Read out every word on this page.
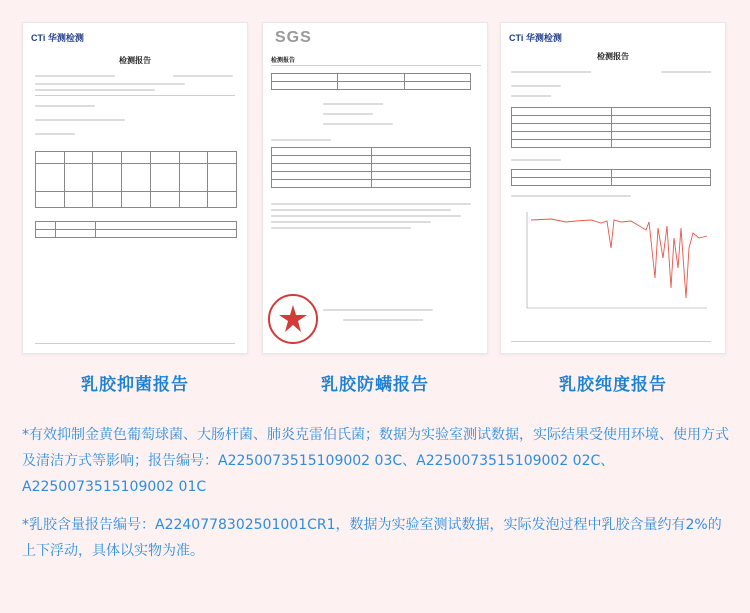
CTi 华测检测
检测报告

SGS
检测报告

CTi 华测检测
检测报告

乳胶抑菌报告	乳胶防螨报告	乳胶纯度报告
*有效抑制金黄色葡萄球菌、大肠杆菌、肺炎克雷伯氏菌；数据为实验室测试数据，实际结果受使用环境、使用方式及清洁方式等影响；报告编号：A2250073515109002 03C、A2250073515109002 02C、A2250073515109002 01C
*乳胶含量报告编号：A2240778302501001CR1，数据为实验室测试数据，实际发泡过程中乳胶含量约有2%的上下浮动，具体以实物为准。
